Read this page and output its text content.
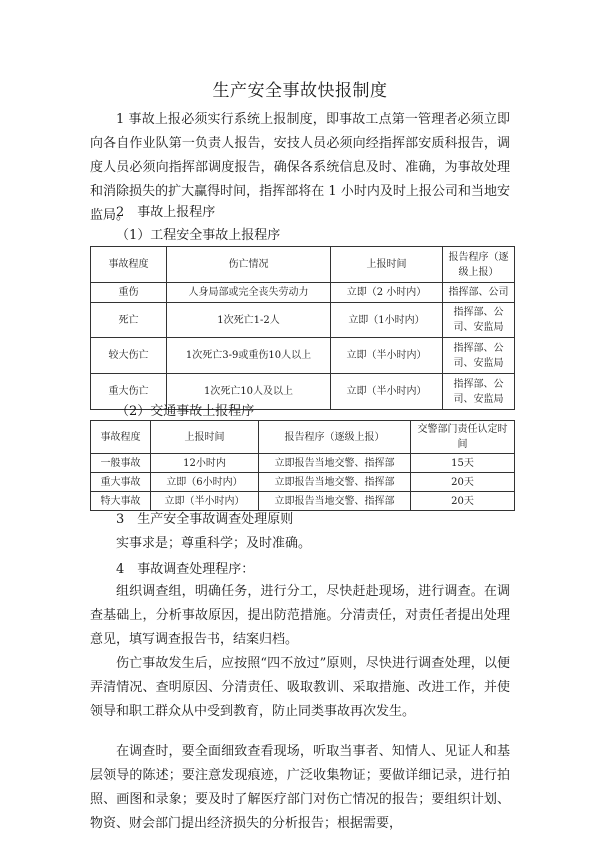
生产安全事故快报制度

1 事故上报必须实行系统上报制度，即事故工点第一管理者必须立即向各自作业队第一负责人报告，安技人员必须向经指挥部安质科报告，调度人员必须向指挥部调度报告，确保各系统信息及时、准确，为事故处理和消除损失的扩大赢得时间，指挥部将在 1 小时内及时上报公司和当地安监局。

2　事故上报程序
（1）工程安全事故上报程序
事故程度	伤亡情况	上报时间	报告程序（逐级上报）
重伤	人身局部或完全丧失劳动力	立即（2 小时内）	指挥部、公司
死亡	1次死亡1-2人	立即（1小时内）	指挥部、公司、安监局
较大伤亡	1次死亡3-9或重伤10人以上	立即（半小时内）	指挥部、公司、安监局
重大伤亡	1次死亡10人及以上	立即（半小时内）	指挥部、公司、安监局
（2）交通事故上报程序
事故程度	上报时间	报告程序（逐级上报）	交警部门责任认定时间
一般事故	12小时内	立即报告当地交警、指挥部	15天
重大事故	立即（6小时内）	立即报告当地交警、指挥部	20天
特大事故	立即（半小时内）	立即报告当地交警、指挥部	20天
3　生产安全事故调查处理原则
实事求是；尊重科学；及时准确。
4　事故调查处理程序：

组织调查组，明确任务，进行分工，尽快赶赴现场，进行调查。在调查基础上，分析事故原因，提出防范措施。分清责任，对责任者提出处理意见，填写调查报告书，结案归档。

伤亡事故发生后，应按照“四不放过”原则，尽快进行调查处理，以便弄清情况、查明原因、分清责任、吸取教训、采取措施、改进工作，并使领导和职工群众从中受到教育，防止同类事故再次发生。

在调查时，要全面细致查看现场，听取当事者、知情人、见证人和基层领导的陈述；要注意发现痕迹，广泛收集物证；要做详细记录，进行拍照、画图和录象；要及时了解医疗部门对伤亡情况的报告；要组织计划、物资、财会部门提出经济损失的分析报告；根据需要，
